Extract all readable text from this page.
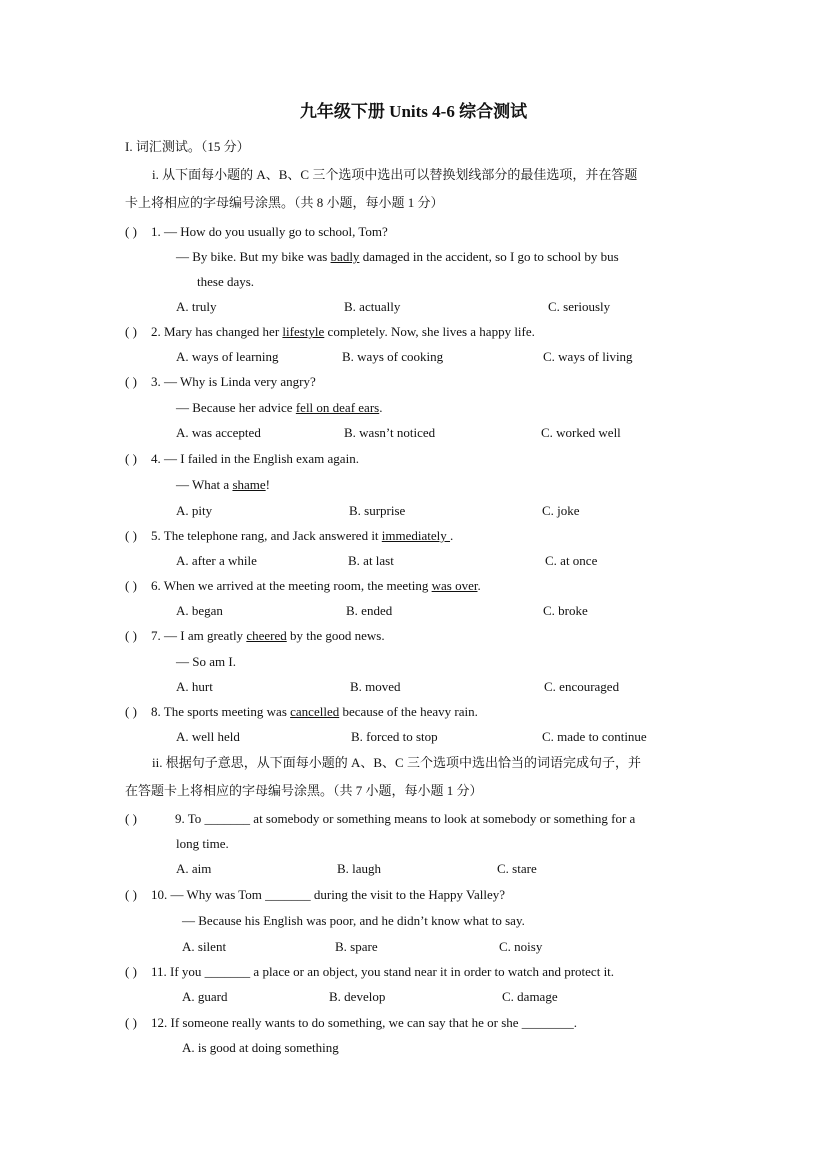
九年级下册 Units 4-6 综合测试
I. 词汇测试。（15 分）
i. 从下面每小题的 A、B、C 三个选项中选出可以替换划线部分的最佳选项，并在答题
卡上将相应的字母编号涂黑。（共 8 小题，每小题 1 分）
( ) 1. — How do you usually go to school, Tom?
— By bike. But my bike was badly damaged in the accident, so I go to school by bus
these days.
A. truly	B. actually	C. seriously
( ) 2. Mary has changed her lifestyle completely. Now, she lives a happy life.
A. ways of learning	B. ways of cooking	C. ways of living
( ) 3. — Why is Linda very angry?
— Because her advice fell on deaf ears.
A. was accepted	B. wasn’t noticed	C. worked well
( ) 4. — I failed in the English exam again.
— What a shame!
A. pity	B. surprise	C. joke
( ) 5. The telephone rang, and Jack answered it immediately .
A. after a while	B. at last	C. at once
( ) 6. When we arrived at the meeting room, the meeting was over.
A. began	B. ended	C. broke
( ) 7. — I am greatly cheered by the good news.
— So am I.
A. hurt	B. moved	C. encouraged
( ) 8. The sports meeting was cancelled because of the heavy rain.
A. well held	B. forced to stop	C. made to continue
ii. 根据句子意思，从下面每小题的 A、B、C 三个选项中选出恰当的词语完成句子，并
在答题卡上将相应的字母编号涂黑。（共 7 小题，每小题 1 分）
( )	9. To _______ at somebody or something means to look at somebody or something for a
long time.
A. aim	B. laugh	C. stare
( ) 10. — Why was Tom _______ during the visit to the Happy Valley?
— Because his English was poor, and he didn’t know what to say.
A. silent	B. spare	C. noisy
( ) 11. If you _______ a place or an object, you stand near it in order to watch and protect it.
A. guard	B. develop	C. damage
( ) 12. If someone really wants to do something, we can say that he or she ________.
A. is good at doing something
